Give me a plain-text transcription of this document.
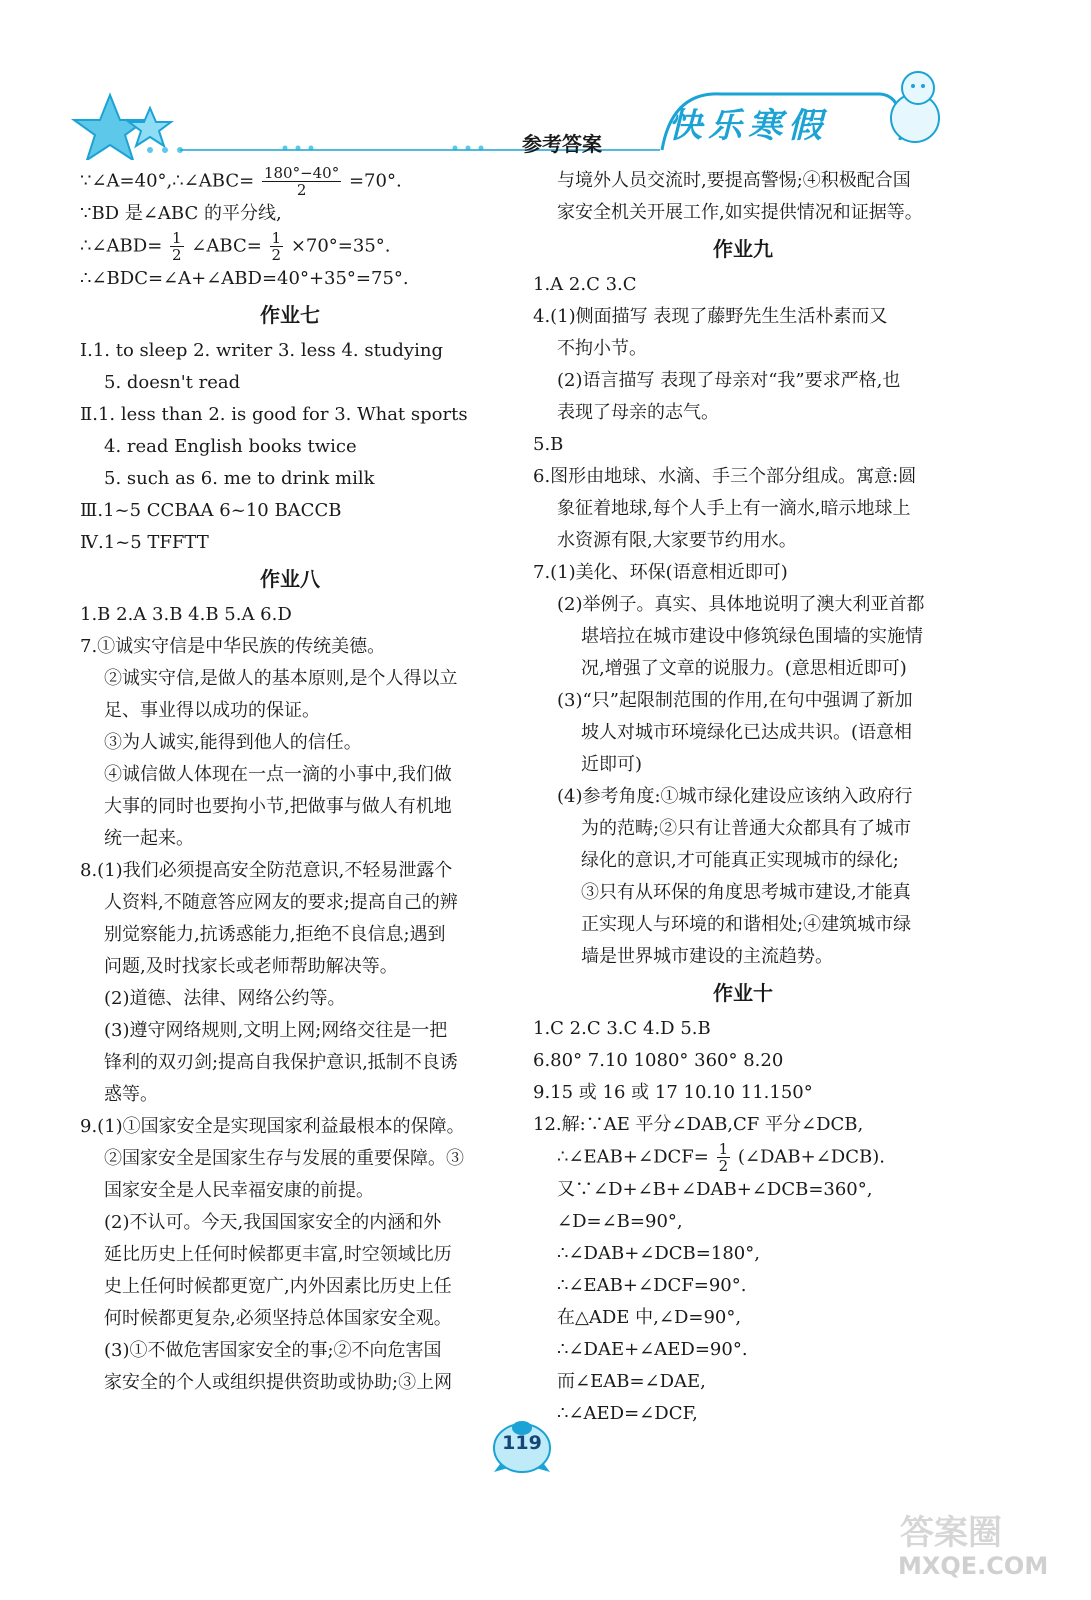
参考答案 快乐寒假
∵∠A=40°,∴∠ABC= $\frac{180^\circ-40^\circ}{2} =70^\circ$.
∵BD 是∠ABC 的平分线,
∴∠ABD= $\frac{1}{2}$ ∠ABC= $\frac{1}{2} \times 70^\circ=35^\circ$.
∴∠BDC=∠A+∠ABD=40°+35°=75°.
作业七
Ⅰ.1. to sleep 2. writer 3. less 4. studying
5. doesn't read
Ⅱ.1. less than 2. is good for 3. What sports
4. read English books twice
5. such as 6. me to drink milk
Ⅲ.1~5 CCBAA 6~10 BACCB
Ⅳ.1~5 TFFTT
作业八
1.B 2.A 3.B 4.B 5.A 6.D
7.①诚实守信是中华民族的传统美德。
②诚实守信,是做人的基本原则,是个人得以立
足、事业得以成功的保证。
③为人诚实,能得到他人的信任。
④诚信做人体现在一点一滴的小事中,我们做
大事的同时也要拘小节,把做事与做人有机地
统一起来。
8.(1)我们必须提高安全防范意识,不轻易泄露个
人资料,不随意答应网友的要求;提高自己的辨
别觉察能力,抗诱惑能力,拒绝不良信息;遇到
问题,及时找家长或老师帮助解决等。
(2)道德、法律、网络公约等。
(3)遵守网络规则,文明上网;网络交往是一把
锋利的双刃剑;提高自我保护意识,抵制不良诱
惑等。
9.(1)①国家安全是实现国家利益最根本的保障。
②国家安全是国家生存与发展的重要保障。③
国家安全是人民幸福安康的前提。
(2)不认可。今天,我国国家安全的内涵和外
延比历史上任何时候都更丰富,时空领域比历
史上任何时候都更宽广,内外因素比历史上任
何时候都更复杂,必须坚持总体国家安全观。
(3)①不做危害国家安全的事;②不向危害国
家安全的个人或组织提供资助或协助;③上网
与境外人员交流时,要提高警惕;④积极配合国
家安全机关开展工作,如实提供情况和证据等。
作业九
1.A 2.C 3.C
4.(1)侧面描写 表现了藤野先生生活朴素而又
不拘小节。
(2)语言描写 表现了母亲对“我”要求严格,也
表现了母亲的志气。
5.B
6.图形由地球、水滴、手三个部分组成。寓意:圆
象征着地球,每个人手上有一滴水,暗示地球上
水资源有限,大家要节约用水。
7.(1)美化、环保(语意相近即可)
(2)举例子。真实、具体地说明了澳大利亚首都
堪培拉在城市建设中修筑绿色围墙的实施情
况,增强了文章的说服力。(意思相近即可)
(3)“只”起限制范围的作用,在句中强调了新加
坡人对城市环境绿化已达成共识。(语意相
近即可)
(4)参考角度:①城市绿化建设应该纳入政府行
为的范畴;②只有让普通大众都具有了城市
绿化的意识,才可能真正实现城市的绿化;
③只有从环保的角度思考城市建设,才能真
正实现人与环境的和谐相处;④建筑城市绿
墙是世界城市建设的主流趋势。
作业十
1.C 2.C 3.C 4.D 5.B
6.80° 7.10 1080° 360° 8.20
9.15 或 16 或 17 10.10 11.150°
12.解:∵AE 平分∠DAB,CF 平分∠DCB,
∴∠EAB+∠DCF= $\frac{1}{2}$ (∠DAB+∠DCB).
又∵∠D+∠B+∠DAB+∠DCB=360°,
∠D=∠B=90°,
∴∠DAB+∠DCB=180°,
∴∠EAB+∠DCF=90°.
在△ADE 中,∠D=90°,
∴∠DAE+∠AED=90°.
而∠EAB=∠DAE,
∴∠AED=∠DCF,
119
答案圈
MXQE.COM
